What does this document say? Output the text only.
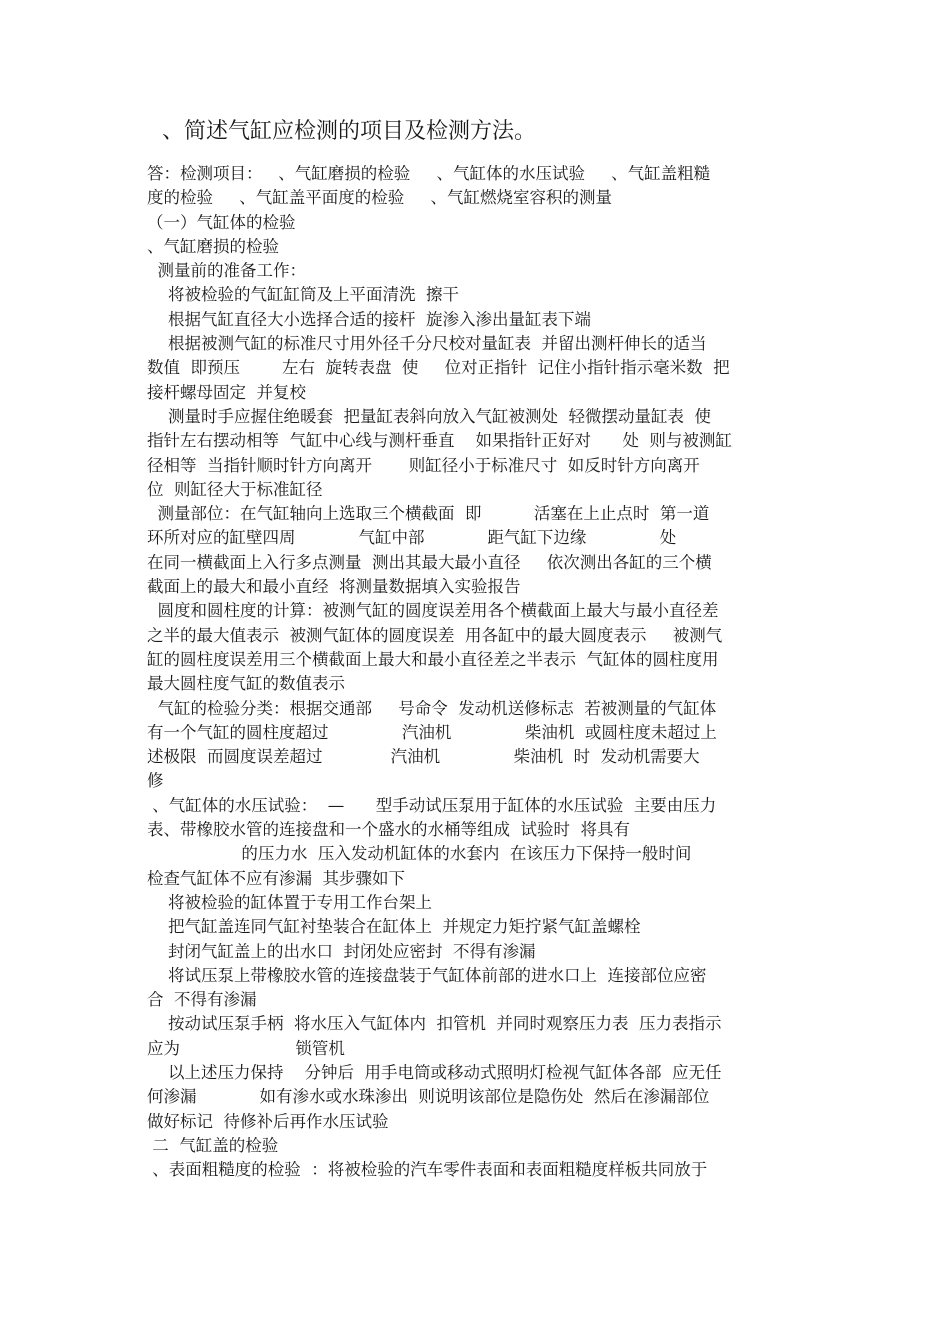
、简述气缸应检测的项目及检测方法。
答：检测项目：   、气缸磨损的检验     、气缸体的水压试验     、气缸盖粗糙
度的检验     、气缸盖平面度的检验     、气缸燃烧室容积的测量
（一）气缸体的检验
、气缸磨损的检验
测量前的准备工作：
将被检验的气缸缸筒及上平面清洗  擦干
根据气缸直径大小选择合适的接杆  旋渗入渗出量缸表下端
根据被测气缸的标准尺寸用外径千分尺校对量缸表  并留出测杆伸长的适当
数值  即预压        左右  旋转表盘  使     位对正指针  记住小指针指示毫米数  把
接杆螺母固定  并复校
测量时手应握住绝暖套  把量缸表斜向放入气缸被测处  轻微摆动量缸表  使
指针左右摆动相等  气缸中心线与测杆垂直    如果指针正好对      处  则与被测缸
径相等  当指针顺时针方向离开       则缸径小于标准尺寸  如反时针方向离开
位  则缸径大于标准缸径
测量部位：在气缸轴向上选取三个横截面  即          活塞在上止点时  第一道
环所对应的缸壁四周            气缸中部            距气缸下边缘              处
在同一横截面上入行多点测量  测出其最大最小直径     依次测出各缸的三个横
截面上的最大和最小直经  将测量数据填入实验报告
圆度和圆柱度的计算：被测气缸的圆度误差用各个横截面上最大与最小直径差
之半的最大值表示  被测气缸体的圆度误差  用各缸中的最大圆度表示     被测气
缸的圆柱度误差用三个横截面上最大和最小直径差之半表示  气缸体的圆柱度用
最大圆柱度气缸的数值表示
气缸的检验分类：根据交通部     号命令  发动机送修标志  若被测量的气缸体
有一个气缸的圆柱度超过              汽油机              柴油机  或圆柱度未超过上
述极限  而圆度误差超过             汽油机              柴油机  时  发动机需要大
修
、气缸体的水压试验：  —      型手动试压泵用于缸体的水压试验  主要由压力
表、带橡胶水管的连接盘和一个盛水的水桶等组成  试验时  将具有
的压力水  压入发动机缸体的水套内  在该压力下保持一般时间
检查气缸体不应有渗漏  其步骤如下
将被检验的缸体置于专用工作台架上
把气缸盖连同气缸衬垫装合在缸体上  并规定力矩拧紧气缸盖螺栓
封闭气缸盖上的出水口  封闭处应密封  不得有渗漏
将试压泵上带橡胶水管的连接盘装于气缸体前部的进水口上  连接部位应密
合  不得有渗漏
按动试压泵手柄  将水压入气缸体内  扣管机  并同时观察压力表  压力表指示
应为                      锁管机
以上述压力保持    分钟后  用手电筒或移动式照明灯检视气缸体各部  应无任
何渗漏            如有渗水或水珠渗出  则说明该部位是隐伤处  然后在渗漏部位
做好标记  待修补后再作水压试验
二  气缸盖的检验
、表面粗糙度的检验  ：将被检验的汽车零件表面和表面粗糙度样板共同放于
